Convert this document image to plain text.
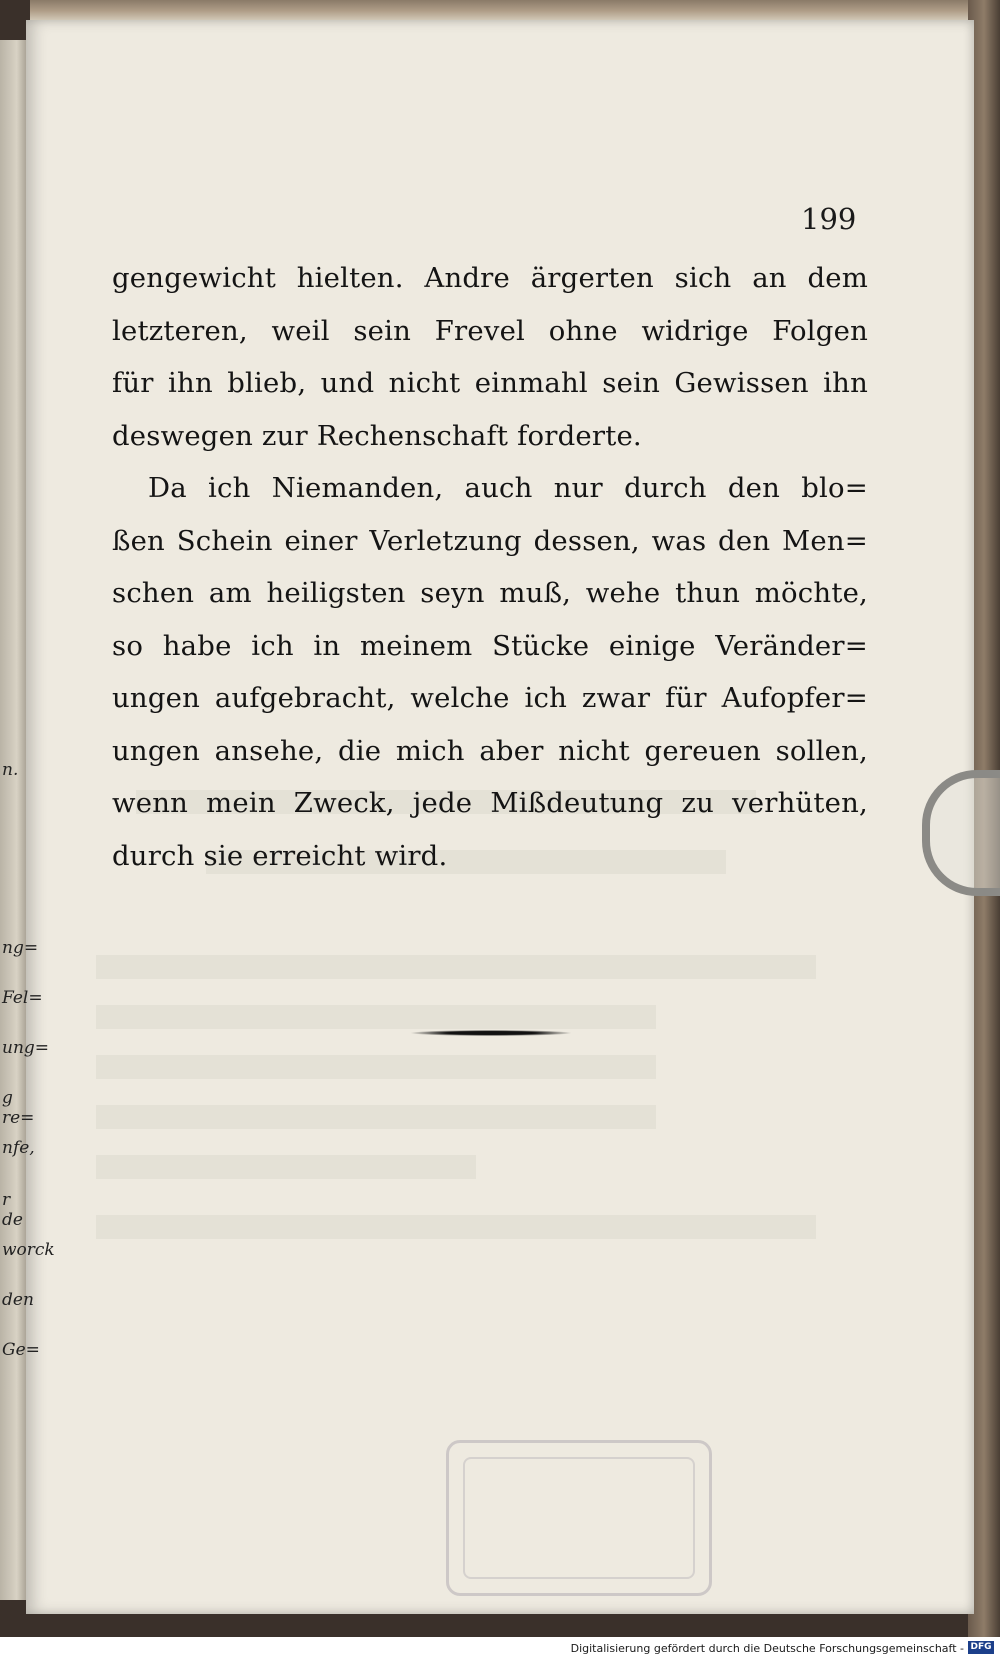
199
gengewicht hielten. Andre ärgerten sich an dem
letzteren, weil sein Frevel ohne widrige Folgen
für ihn blieb, und nicht einmahl sein Gewissen ihn
deswegen zur Rechenschaft forderte.
Da ich Niemanden, auch nur durch den blo=
ßen Schein einer Verletzung dessen, was den Men=
schen am heiligsten seyn muß, wehe thun möchte,
so habe ich in meinem Stücke einige Veränder=
ungen aufgebracht, welche ich zwar für Aufopfer=
ungen ansehe, die mich aber nicht gereuen sollen,
wenn mein Zweck, jede Mißdeutung zu verhüten,
durch sie erreicht wird.
n.
ng=
Fel=
ung=
g re=
nfe,
r de
worck
den
Ge=
Digitalisierung gefördert durch die Deutsche Forschungsgemeinschaft - DFG
